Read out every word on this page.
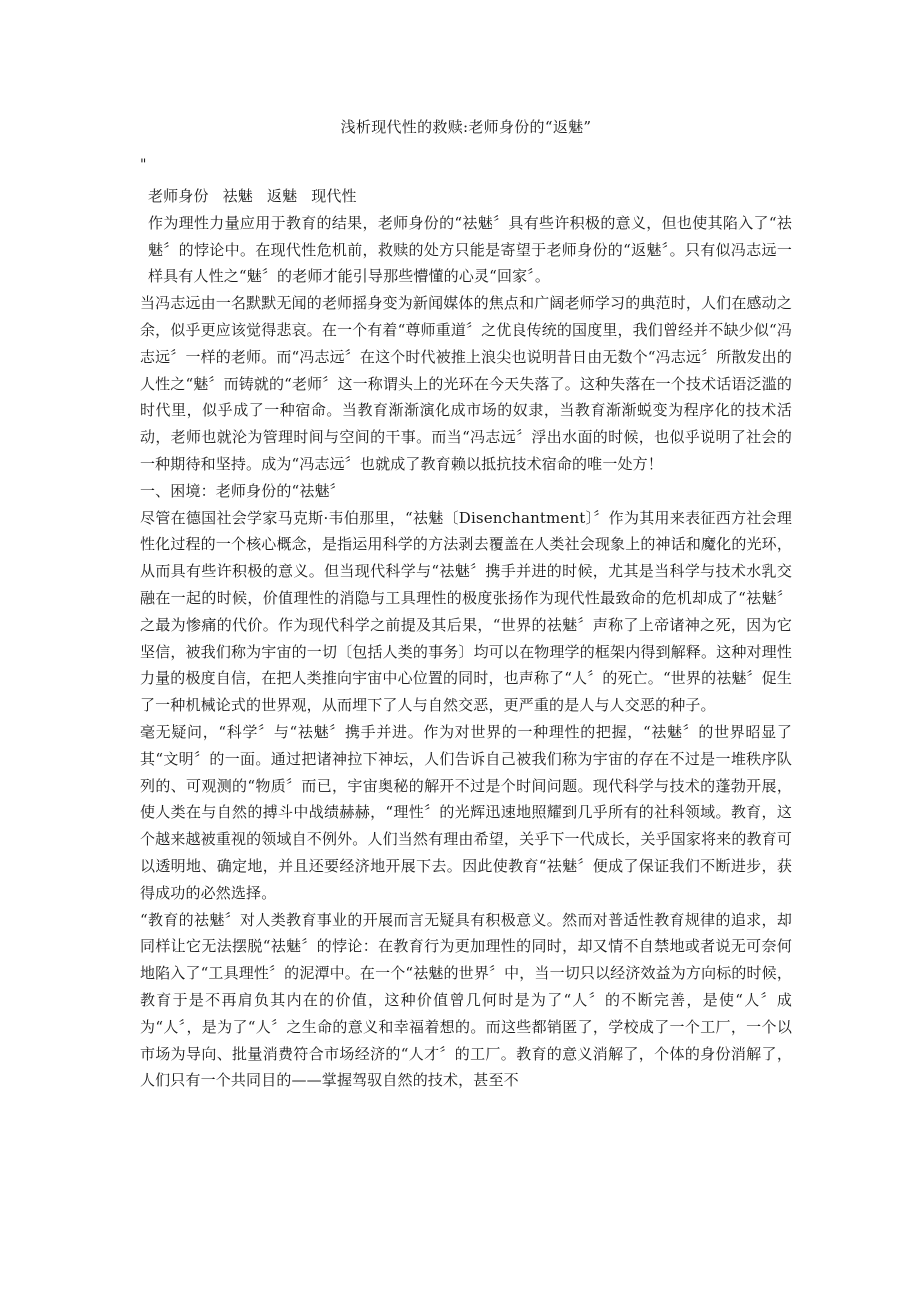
浅析现代性的救赎:老师身份的“返魅”
"

老师身份 祛魅 返魅 现代性

作为理性力量应用于教育的结果，老师身份的“祛魅〞具有些许积极的意义，但也使其陷入了“祛魅〞的悖论中。在现代性危机前，救赎的处方只能是寄望于老师身份的“返魅〞。只有似冯志远一样具有人性之“魅〞的老师才能引导那些懵懂的心灵“回家〞。

当冯志远由一名默默无闻的老师摇身变为新闻媒体的焦点和广阔老师学习的典范时，人们在感动之余，似乎更应该觉得悲哀。在一个有着“尊师重道〞之优良传统的国度里，我们曾经并不缺少似“冯志远〞一样的老师。而“冯志远〞在这个时代被推上浪尖也说明昔日由无数个“冯志远〞所散发出的人性之“魅〞而铸就的“老师〞这一称谓头上的光环在今天失落了。这种失落在一个技术话语泛滥的时代里，似乎成了一种宿命。当教育渐渐演化成市场的奴隶，当教育渐渐蜕变为程序化的技术活动，老师也就沦为管理时间与空间的干事。而当“冯志远〞浮出水面的时候，也似乎说明了社会的一种期待和坚持。成为“冯志远〞也就成了教育赖以抵抗技术宿命的唯一处方！

一、困境：老师身份的“祛魅〞

尽管在德国社会学家马克斯·韦伯那里，“祛魅〔Disenchantment〕〞作为其用来表征西方社会理性化过程的一个核心概念，是指运用科学的方法剥去覆盖在人类社会现象上的神话和魔化的光环，从而具有些许积极的意义。但当现代科学与“祛魅〞携手并进的时候，尤其是当科学与技术水乳交融在一起的时候，价值理性的消隐与工具理性的极度张扬作为现代性最致命的危机却成了“祛魅〞之最为惨痛的代价。作为现代科学之前提及其后果，“世界的祛魅〞声称了上帝诸神之死，因为它坚信，被我们称为宇宙的一切〔包括人类的事务〕均可以在物理学的框架内得到解释。这种对理性力量的极度自信，在把人类推向宇宙中心位置的同时，也声称了“人〞的死亡。“世界的祛魅〞促生了一种机械论式的世界观，从而埋下了人与自然交恶，更严重的是人与人交恶的种子。

毫无疑问，“科学〞与“祛魅〞携手并进。作为对世界的一种理性的把握，“祛魅〞的世界昭显了其“文明〞的一面。通过把诸神拉下神坛，人们告诉自己被我们称为宇宙的存在不过是一堆秩序队列的、可观测的“物质〞而已，宇宙奥秘的解开不过是个时间问题。现代科学与技术的蓬勃开展，使人类在与自然的搏斗中战绩赫赫，“理性〞的光辉迅速地照耀到几乎所有的社科领域。教育，这个越来越被重视的领域自不例外。人们当然有理由希望，关乎下一代成长，关乎国家将来的教育可以透明地、确定地，并且还要经济地开展下去。因此使教育“祛魅〞便成了保证我们不断进步，获得成功的必然选择。

“教育的祛魅〞对人类教育事业的开展而言无疑具有积极意义。然而对普适性教育规律的追求，却同样让它无法摆脱“祛魅〞的悖论：在教育行为更加理性的同时，却又情不自禁地或者说无可奈何地陷入了“工具理性〞的泥潭中。在一个“祛魅的世界〞中，当一切只以经济效益为方向标的时候，教育于是不再肩负其内在的价值，这种价值曾几何时是为了“人〞的不断完善，是使“人〞成为“人〞，是为了“人〞之生命的意义和幸福着想的。而这些都销匿了，学校成了一个工厂，一个以市场为导向、批量消费符合市场经济的“人才〞的工厂。教育的意义消解了，个体的身份消解了，人们只有一个共同目的——掌握驾驭自然的技术，甚至不
